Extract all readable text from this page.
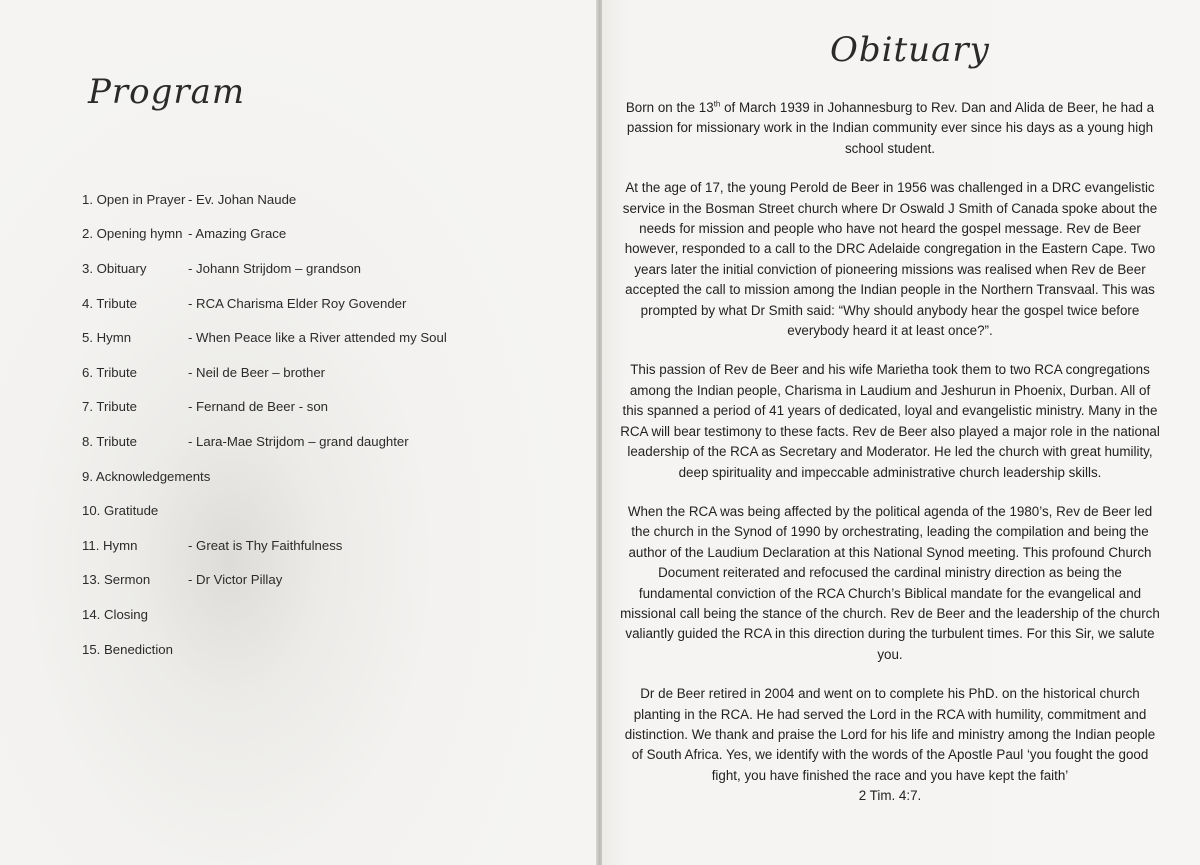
Program
1. Open in Prayer - Ev. Johan Naude
2. Opening hymn - Amazing Grace
3. Obituary	- Johann Strijdom – grandson
4. Tribute	- RCA Charisma Elder Roy Govender
5. Hymn	- When Peace like a River attended my Soul
6. Tribute	- Neil de Beer – brother
7. Tribute	- Fernand de Beer - son
8. Tribute	- Lara-Mae Strijdom – grand daughter
9. Acknowledgements
10. Gratitude
11. Hymn	- Great is Thy Faithfulness
13. Sermon	- Dr Victor Pillay
14. Closing
15. Benediction
Obituary

Born on the 13th of March 1939 in Johannesburg to Rev. Dan and Alida de Beer, he had a passion for missionary work in the Indian community ever since his days as a young high school student.

At the age of 17, the young Perold de Beer in 1956 was challenged in a DRC evangelistic service in the Bosman Street church where Dr Oswald J Smith of Canada spoke about the needs for mission and people who have not heard the gospel message. Rev de Beer however, responded to a call to the DRC Adelaide congregation in the Eastern Cape. Two years later the initial conviction of pioneering missions was realised when Rev de Beer accepted the call to mission among the Indian people in the Northern Transvaal. This was prompted by what Dr Smith said: “Why should anybody hear the gospel twice before everybody heard it at least once?”.

This passion of Rev de Beer and his wife Marietha took them to two RCA congregations among the Indian people, Charisma in Laudium and Jeshurun in Phoenix, Durban. All of this spanned a period of 41 years of dedicated, loyal and evangelistic ministry. Many in the RCA will bear testimony to these facts. Rev de Beer also played a major role in the national leadership of the RCA as Secretary and Moderator. He led the church with great humility, deep spirituality and impeccable administrative church leadership skills.

When the RCA was being affected by the political agenda of the 1980’s, Rev de Beer led the church in the Synod of 1990 by orchestrating, leading the compilation and being the author of the Laudium Declaration at this National Synod meeting. This profound Church Document reiterated and refocused the cardinal ministry direction as being the fundamental conviction of the RCA Church’s Biblical mandate for the evangelical and missional call being the stance of the church. Rev de Beer and the leadership of the church valiantly guided the RCA in this direction during the turbulent times. For this Sir, we salute you.

Dr de Beer retired in 2004 and went on to complete his PhD. on the historical church planting in the RCA. He had served the Lord in the RCA with humility, commitment and distinction. We thank and praise the Lord for his life and ministry among the Indian people of South Africa. Yes, we identify with the words of the Apostle Paul ‘you fought the good fight, you have finished the race and you have kept the faith’

2 Tim. 4:7.
